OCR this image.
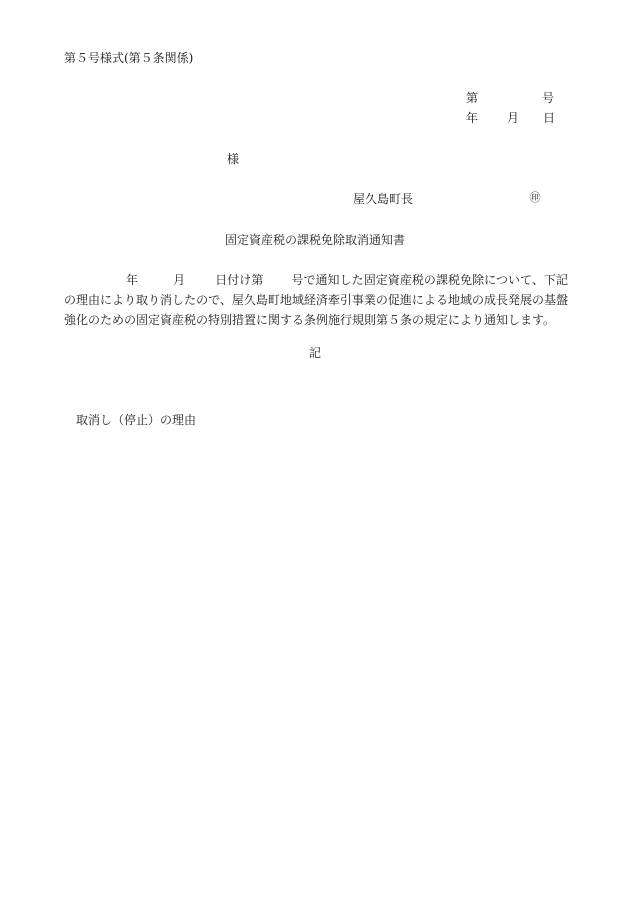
第５号様式(第５条関係)
第	号
年 月 日
様
屋久島町長	㊞
固定資産税の課税免除取消通知書
年	月	日付け第 号で通知した固定資産税の課税免除について、下記の理由により取り消したので、屋久島町地域経済牽引事業の促進による地域の成長発展の基盤強化のための固定資産税の特別措置に関する条例施行規則第５条の規定により通知します。
記
取消し（停止）の理由
